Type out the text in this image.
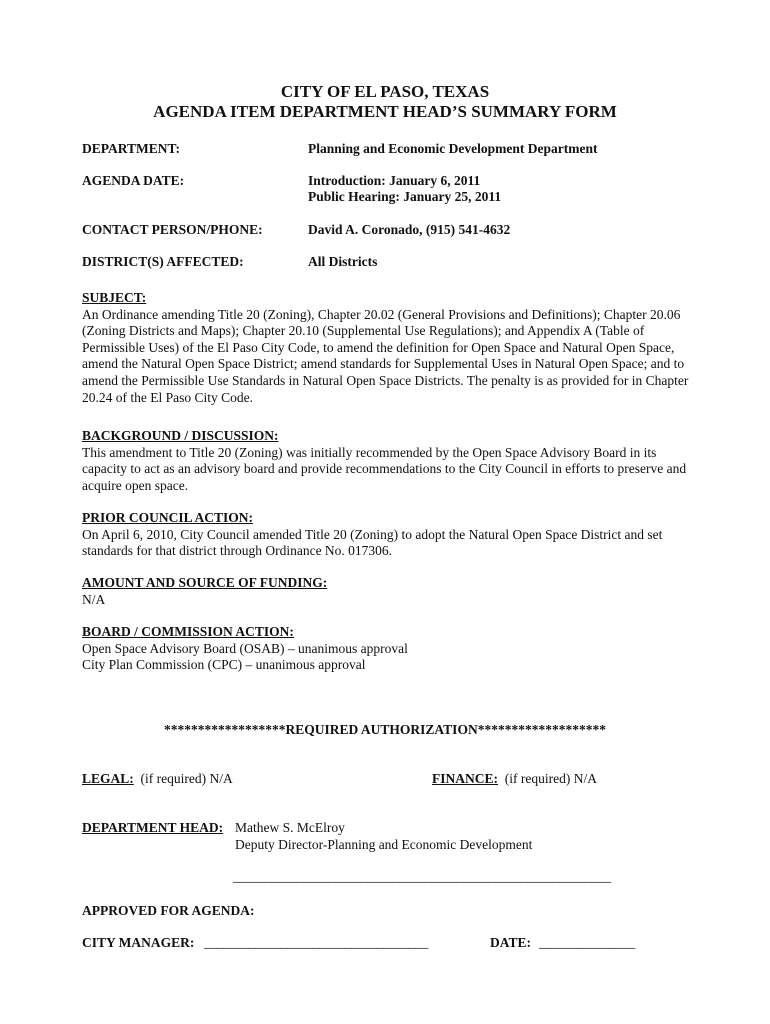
CITY OF EL PASO, TEXAS
AGENDA ITEM DEPARTMENT HEAD’S SUMMARY FORM
DEPARTMENT:	Planning and Economic Development Department
AGENDA DATE:	Introduction: January 6, 2011
Public Hearing: January 25, 2011
CONTACT PERSON/PHONE:	David A. Coronado, (915) 541-4632
DISTRICT(S) AFFECTED:	All Districts
SUBJECT:
An Ordinance amending Title 20 (Zoning), Chapter 20.02 (General Provisions and Definitions); Chapter 20.06
(Zoning Districts and Maps); Chapter 20.10 (Supplemental Use Regulations); and Appendix A (Table of
Permissible Uses) of the El Paso City Code, to amend the definition for Open Space and Natural Open Space,
amend the Natural Open Space District; amend standards for Supplemental Uses in Natural Open Space; and to
amend the Permissible Use Standards in Natural Open Space Districts. The penalty is as provided for in Chapter
20.24 of the El Paso City Code.
BACKGROUND / DISCUSSION:
This amendment to Title 20 (Zoning) was initially recommended by the Open Space Advisory Board in its
capacity to act as an advisory board and provide recommendations to the City Council in efforts to preserve and
acquire open space.
PRIOR COUNCIL ACTION:
On April 6, 2010, City Council amended Title 20 (Zoning) to adopt the Natural Open Space District and set
standards for that district through Ordinance No. 017306.
AMOUNT AND SOURCE OF FUNDING:
N/A
BOARD / COMMISSION ACTION:
Open Space Advisory Board (OSAB) – unanimous approval
City Plan Commission (CPC) – unanimous approval
******************REQUIRED AUTHORIZATION*******************
LEGAL: (if required) N/A	FINANCE: (if required) N/A
DEPARTMENT HEAD: Mathew S. McElroy
Deputy Director-Planning and Economic Development
___________________________________________________________
APPROVED FOR AGENDA:
CITY MANAGER: ___________________________________	DATE: _______________
